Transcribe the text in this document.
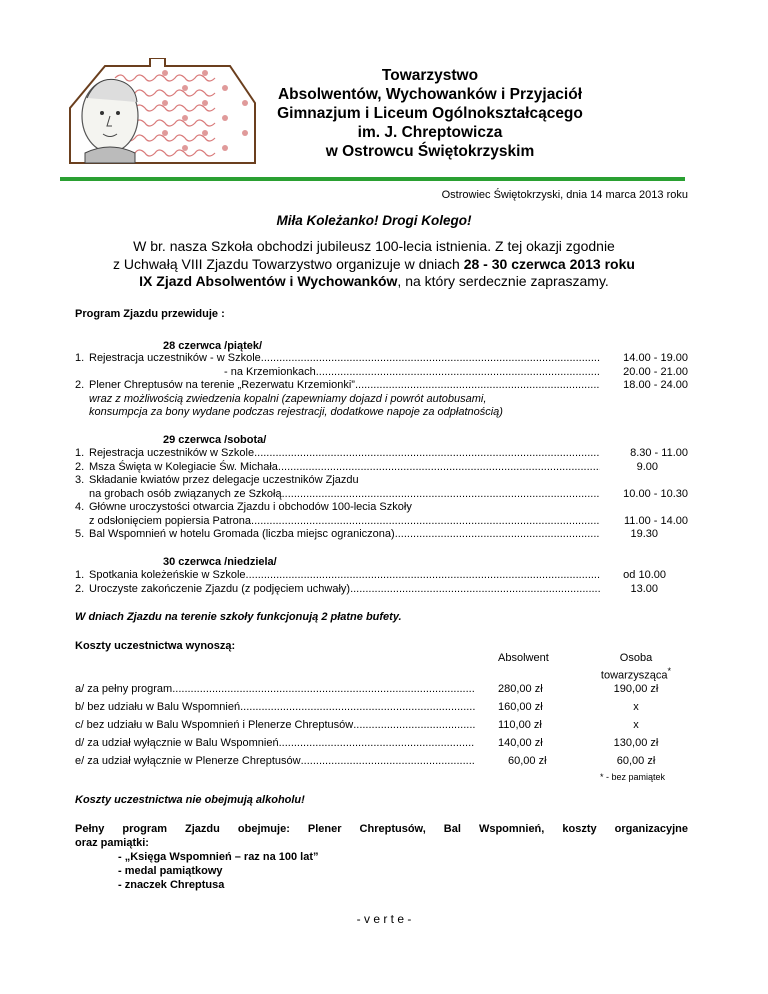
Towarzystwo
Absolwentów, Wychowanków i Przyjaciół
Gimnazjum i Liceum Ogólnokształcącego
im. J. Chreptowicza
w Ostrowcu Świętokrzyskim
Ostrowiec Świętokrzyski, dnia 14 marca 2013 roku
Miła Koleżanko! Drogi Kolego!

W br. nasza Szkoła obchodzi jubileusz 100-lecia istnienia. Z tej okazji zgodnie

z Uchwałą VIII Zjazdu Towarzystwo organizuje w dniach 28 - 30 czerwca 2013 roku

IX Zjazd Absolwentów i Wychowanków, na który serdecznie zapraszamy.

Program Zjazdu przewiduje :
28 czerwca /piątek/
1. Rejestracja uczestników - w Szkole .....	14.00 - 19.00
- na Krzemionkach .....	20.00 - 21.00
2. Plener Chreptusów na terenie „Rezerwatu Krzemionki” .....	18.00 - 24.00
wraz z możliwością zwiedzenia kopalni (zapewniamy dojazd i powrót autobusami,
konsumpcja za bony wydane podczas rejestracji, dodatkowe napoje za odpłatnością)
29 czerwca /sobota/
1. Rejestracja uczestników w Szkole .....	8.30 - 11.00
2. Msza Święta w Kolegiacie Św. Michała .....	9.00
3. Składanie kwiatów przez delegacje uczestników Zjazdu
na grobach osób związanych ze Szkołą .....	10.00 - 10.30
4. Główne uroczystości otwarcia Zjazdu i obchodów 100-lecia Szkoły
z odsłonięciem popiersia Patrona .....	11.00 - 14.00
5. Bal Wspomnień w hotelu Gromada (liczba miejsc ograniczona) .....	19.30
30 czerwca /niedziela/
1. Spotkania koleżeńskie w Szkole .....	od 10.00
2. Uroczyste zakończenie Zjazdu (z podjęciem uchwały) .....	13.00
W dniach Zjazdu na terenie szkoły funkcjonują 2 płatne bufety.
Koszty uczestnictwa wynoszą:
Absolwent	Osoba
towarzysząca*
a/ za pełny program .....	280,00 zł	190,00 zł
b/ bez udziału w Balu Wspomnień .....	160,00 zł	x
c/ bez udziału w Balu Wspomnień i Plenerze Chreptusów .....	110,00 zł	x
d/ za udział wyłącznie w Balu Wspomnień .....	140,00 zł	130,00 zł
e/ za udział wyłącznie w Plenerze Chreptusów .....	60,00 zł	60,00 zł
* - bez pamiątek
Koszty uczestnictwa nie obejmują alkoholu!
Pełny program Zjazdu obejmuje: Plener Chreptusów, Bal Wspomnień, koszty organizacyjne
oraz pamiątki:
- „Księga Wspomnień – raz na 100 lat”
- medal pamiątkowy
- znaczek Chreptusa
- v e r t e -
